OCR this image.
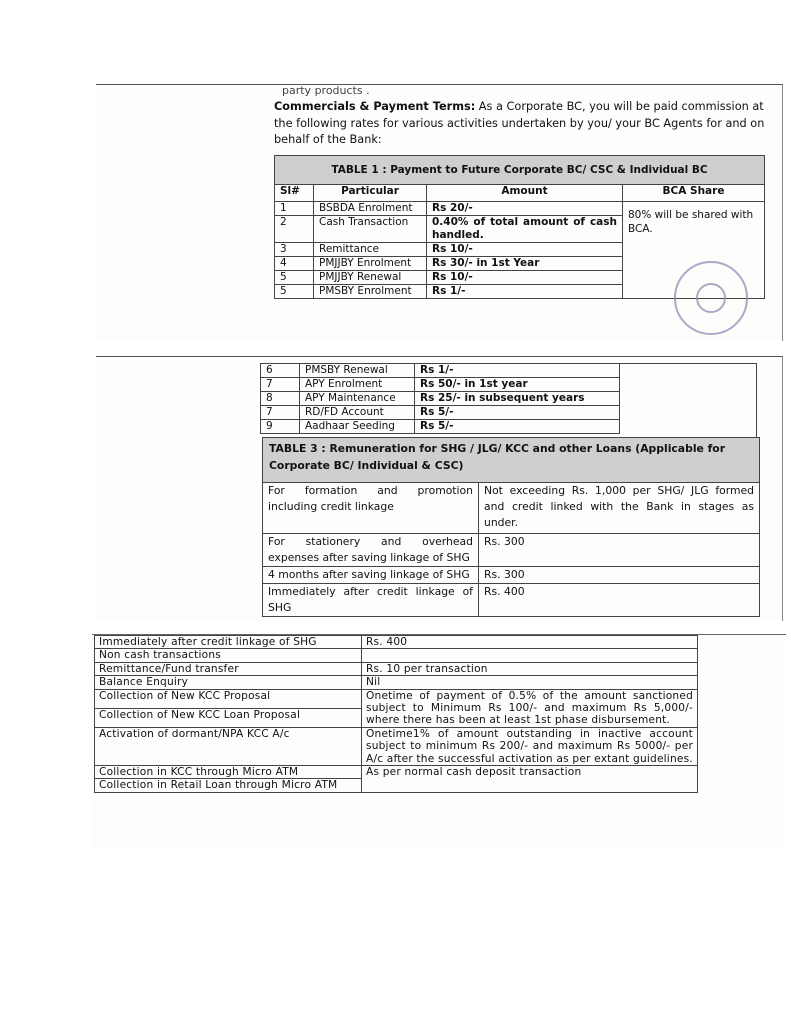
party products .
Commercials & Payment Terms: As a Corporate BC, you will be paid commission at the following rates for various activities undertaken by you/ your BC Agents for and on behalf of the Bank:
TABLE 1 : Payment to Future Corporate BC/ CSC & Individual BC			
Sl#	Particular	Amount	BCA Share
1	BSBDA Enrolment	Rs 20/-	80% will be shared with BCA.
2	Cash Transaction	0.40% of total amount of cash handled.	
3	Remittance	Rs 10/-	
4	PMJJBY Enrolment	Rs 30/- in 1st Year	
5	PMJJBY Renewal	Rs 10/-	
5	PMSBY Enrolment	Rs 1/-	
6	PMSBY Renewal	Rs 1/-
7	APY Enrolment	Rs 50/- in 1st year
8	APY Maintenance	Rs 25/- in subsequent years
7	RD/FD Account	Rs 5/-
9	Aadhaar Seeding	Rs 5/-
TABLE 3 : Remuneration for SHG / JLG/ KCC and other Loans (Applicable for Corporate BC/ Individual & CSC)	
For formation and promotion including credit linkage	Not exceeding Rs. 1,000 per SHG/ JLG formed and credit linked with the Bank in stages as under.
For stationery and overhead expenses after saving linkage of SHG	Rs. 300
4 months after saving linkage of SHG	Rs. 300
Immediately after credit linkage of SHG	Rs. 400
Immediately after credit linkage of SHG	Rs. 400
Non cash transactions	
Remittance/Fund transfer	Rs. 10 per transaction
Balance Enquiry	Nil
Collection of New KCC Proposal	Onetime of payment of 0.5% of the amount sanctioned subject to Minimum Rs 100/- and maximum Rs 5,000/- where there has been at least 1st phase disbursement.
Collection of New KCC Loan Proposal	
Activation of dormant/NPA KCC A/c	Onetime1% of amount outstanding in inactive account subject to minimum Rs 200/- and maximum Rs 5000/- per A/c after the successful activation as per extant guidelines.
Collection in KCC through Micro ATM	As per normal cash deposit transaction
Collection in Retail Loan through Micro ATM	
